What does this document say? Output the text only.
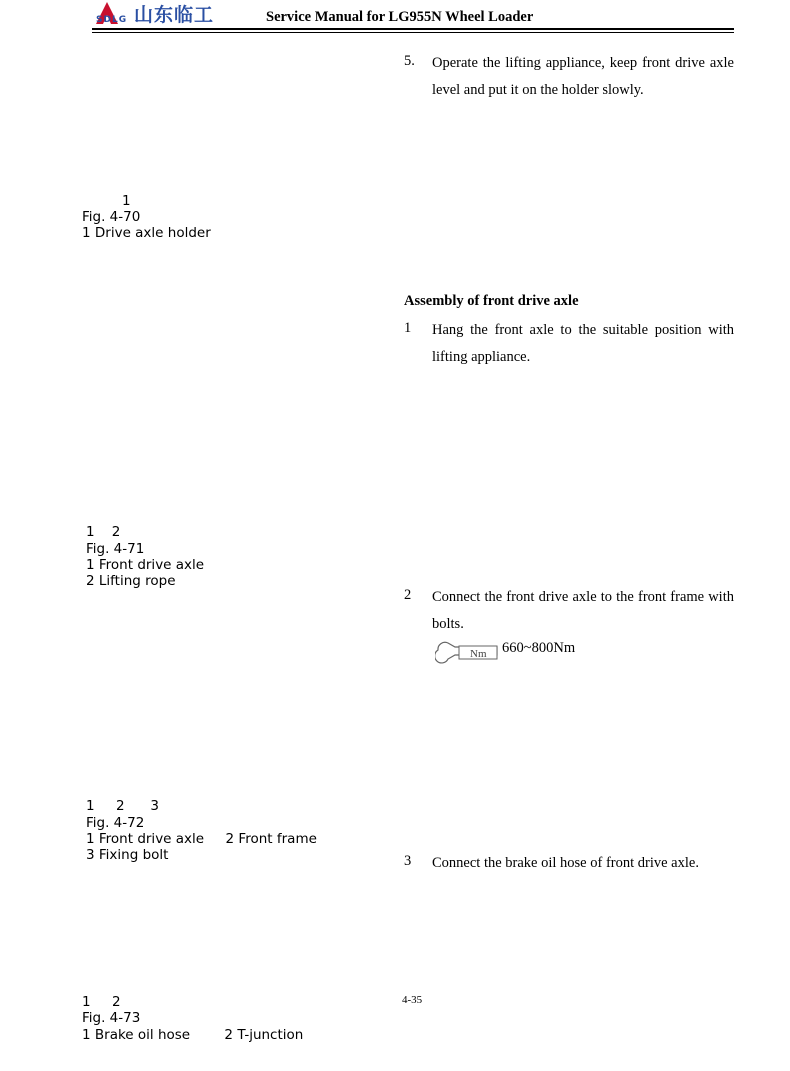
山东临工
SDLG	Service Manual for LG955N Wheel Loader
5. Operate the lifting appliance, keep front drive axle level and put it on the holder slowly.
Assembly of front drive axle
1 Hang the front axle to the suitable position with lifting appliance.
2 Connect the front drive axle to the front frame with bolts.
Nm 660~800Nm
3 Connect the brake oil hose of front drive axle.
1
Fig. 4-70
1 Drive axle holder
1    2
Fig. 4-71
1 Front drive axle
2 Lifting rope
1     2      3
Fig. 4-72
1 Front drive axle     2 Front frame
3 Fixing bolt
1     2
Fig. 4-73
1 Brake oil hose        2 T-junction
4-35
